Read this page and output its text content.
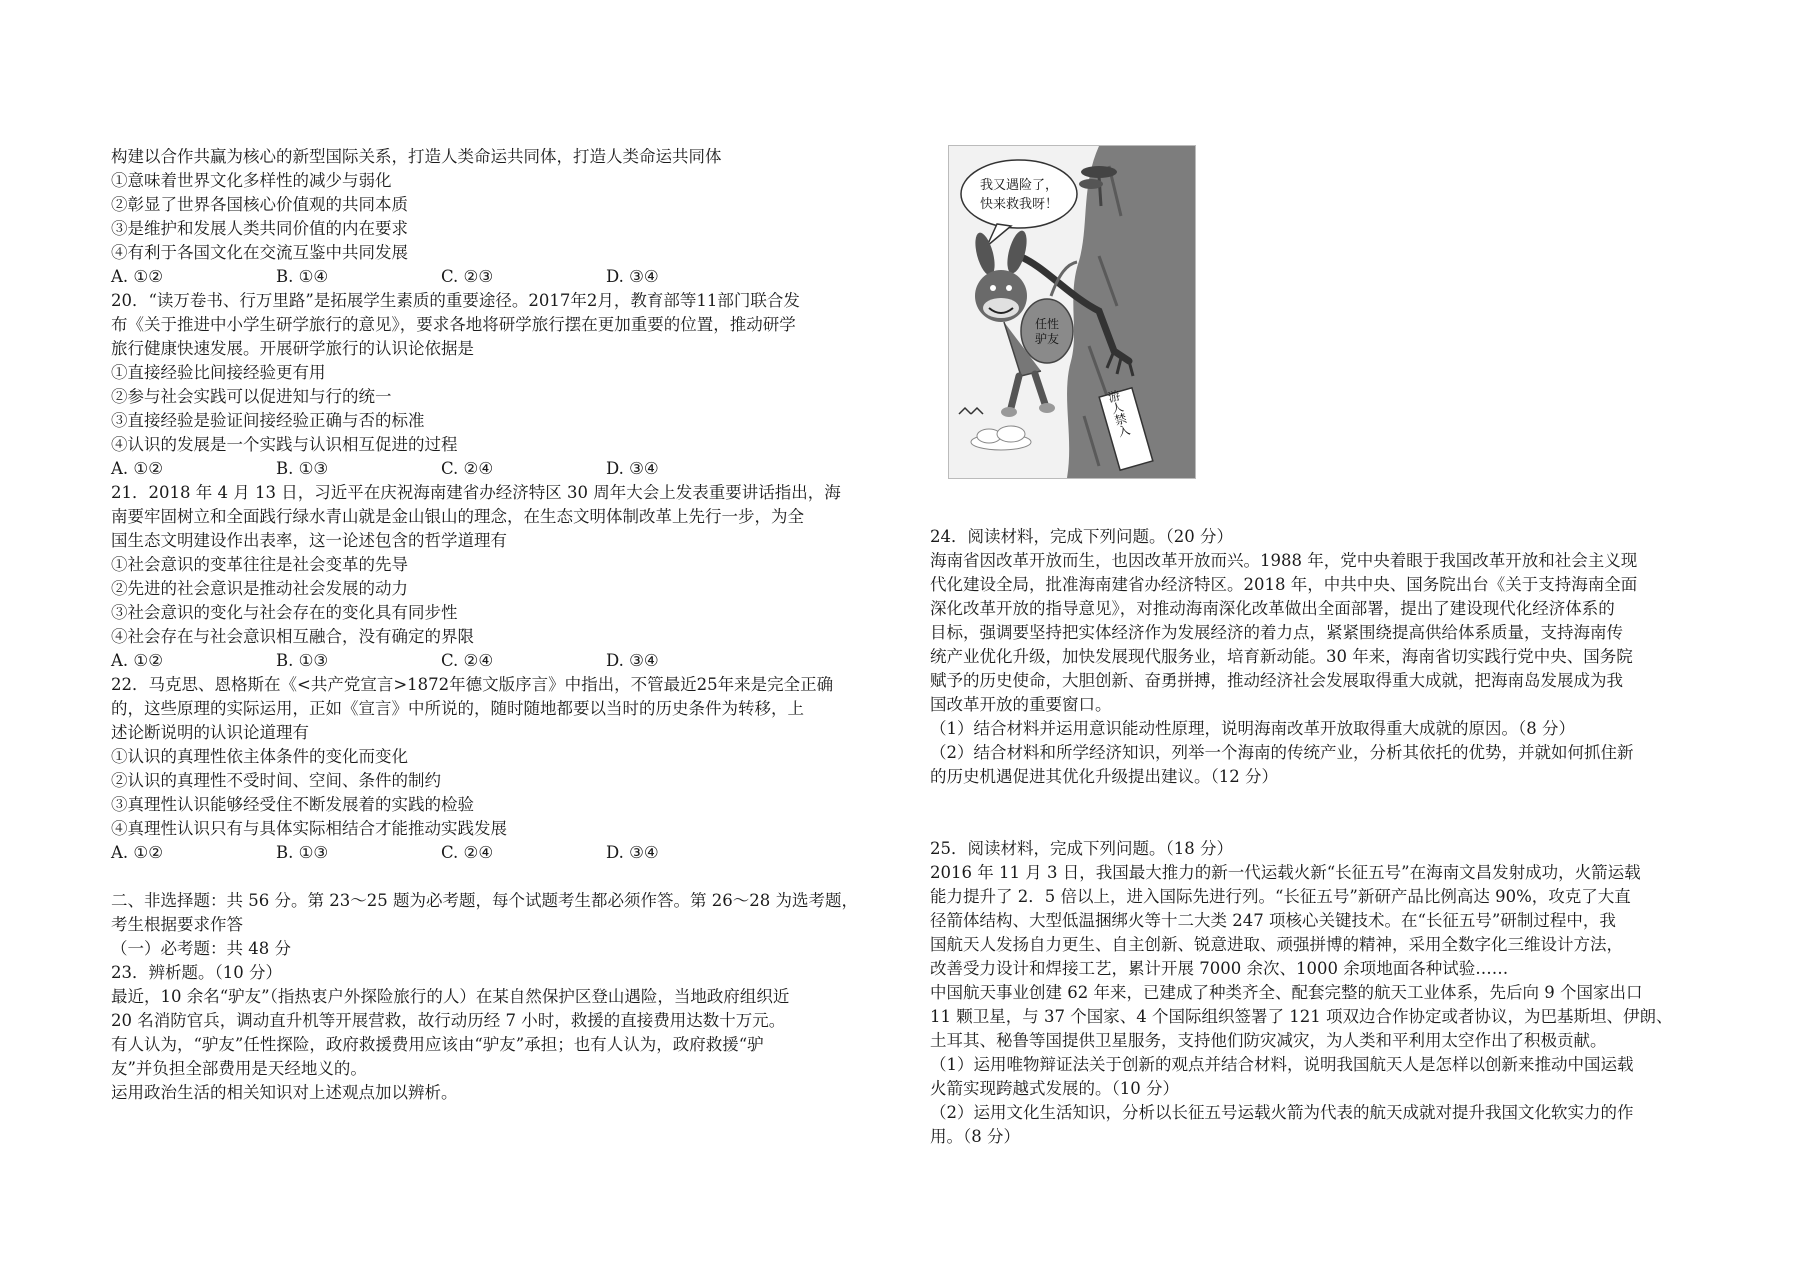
构建以合作共赢为核心的新型国际关系，打造人类命运共同体，打造人类命运共同体
①意味着世界文化多样性的减少与弱化
②彰显了世界各国核心价值观的共同本质
③是维护和发展人类共同价值的内在要求
④有利于各国文化在交流互鉴中共同发展
A. ①②	B. ①④	C. ②③	D. ③④
20．“读万卷书、行万里路”是拓展学生素质的重要途径。2017年2月，教育部等11部门联合发
布《关于推进中小学生研学旅行的意见》，要求各地将研学旅行摆在更加重要的位置，推动研学
旅行健康快速发展。开展研学旅行的认识论依据是
①直接经验比间接经验更有用
②参与社会实践可以促进知与行的统一
③直接经验是验证间接经验正确与否的标准
④认识的发展是一个实践与认识相互促进的过程
A. ①②	B. ①③	C. ②④	D. ③④
21．2018 年 4 月 13 日，习近平在庆祝海南建省办经济特区 30 周年大会上发表重要讲话指出，海
南要牢固树立和全面践行绿水青山就是金山银山的理念，在生态文明体制改革上先行一步，为全
国生态文明建设作出表率，这一论述包含的哲学道理有
①社会意识的变革往往是社会变革的先导
②先进的社会意识是推动社会发展的动力
③社会意识的变化与社会存在的变化具有同步性
④社会存在与社会意识相互融合，没有确定的界限
A. ①②	B. ①③	C. ②④	D. ③④
22．马克思、恩格斯在《<共产党宣言>1872年德文版序言》中指出，不管最近25年来是完全正确
的，这些原理的实际运用，正如《宣言》中所说的，随时随地都要以当时的历史条件为转移，上
述论断说明的认识论道理有
①认识的真理性依主体条件的变化而变化
②认识的真理性不受时间、空间、条件的制约
③真理性认识能够经受住不断发展着的实践的检验
④真理性认识只有与具体实际相结合才能推动实践发展
A. ①②	B. ①③	C. ②④	D. ③④
二、非选择题：共 56 分。第 23～25 题为必考题，每个试题考生都必须作答。第 26～28 为选考题，
考生根据要求作答
（一）必考题：共 48 分
23．辨析题。（10 分）
最近，10 余名“驴友”（指热衷户外探险旅行的人）在某自然保护区登山遇险，当地政府组织近
20 名消防官兵，调动直升机等开展营救，故行动历经 7 小时，救援的直接费用达数十万元。
有人认为，“驴友”任性探险，政府救援费用应该由“驴友”承担；也有人认为，政府救援“驴
友”并负担全部费用是天经地义的。
运用政治生活的相关知识对上述观点加以辨析。
我又遇险了，
快来救我呀！
任性
驴友
游人禁入
24．阅读材料，完成下列问题。（20 分）
海南省因改革开放而生，也因改革开放而兴。1988 年，党中央着眼于我国改革开放和社会主义现
代化建设全局，批准海南建省办经济特区。2018 年，中共中央、国务院出台《关于支持海南全面
深化改革开放的指导意见》，对推动海南深化改革做出全面部署，提出了建设现代化经济体系的
目标，强调要坚持把实体经济作为发展经济的着力点，紧紧围绕提高供给体系质量，支持海南传
统产业优化升级，加快发展现代服务业，培育新动能。30 年来，海南省切实践行党中央、国务院
赋予的历史使命，大胆创新、奋勇拼搏，推动经济社会发展取得重大成就，把海南岛发展成为我
国改革开放的重要窗口。
（1）结合材料并运用意识能动性原理，说明海南改革开放取得重大成就的原因。（8 分）
（2）结合材料和所学经济知识，列举一个海南的传统产业，分析其依托的优势，并就如何抓住新
的历史机遇促进其优化升级提出建议。（12 分）
25．阅读材料，完成下列问题。（18 分）
2016 年 11 月 3 日，我国最大推力的新一代运载火新“长征五号”在海南文昌发射成功，火箭运载
能力提升了 2．5 倍以上，进入国际先进行列。“长征五号”新研产品比例高达 90%，攻克了大直
径箭体结构、大型低温捆绑火等十二大类 247 项核心关键技术。在“长征五号”研制过程中，我
国航天人发扬自力更生、自主创新、锐意进取、顽强拼博的精神，采用全数字化三维设计方法，
改善受力设计和焊接工艺，累计开展 7000 余次、1000 余项地面各种试验……
中国航天事业创建 62 年来，已建成了种类齐全、配套完整的航天工业体系，先后向 9 个国家出口
11 颗卫星，与 37 个国家、4 个国际组织签署了 121 项双边合作协定或者协议，为巴基斯坦、伊朗、
土耳其、秘鲁等国提供卫星服务，支持他们防灾减灾，为人类和平利用太空作出了积极贡献。
（1）运用唯物辩证法关于创新的观点并结合材料，说明我国航天人是怎样以创新来推动中国运载
火箭实现跨越式发展的。（10 分）
（2）运用文化生活知识，分析以长征五号运载火箭为代表的航天成就对提升我国文化软实力的作
用。（8 分）
